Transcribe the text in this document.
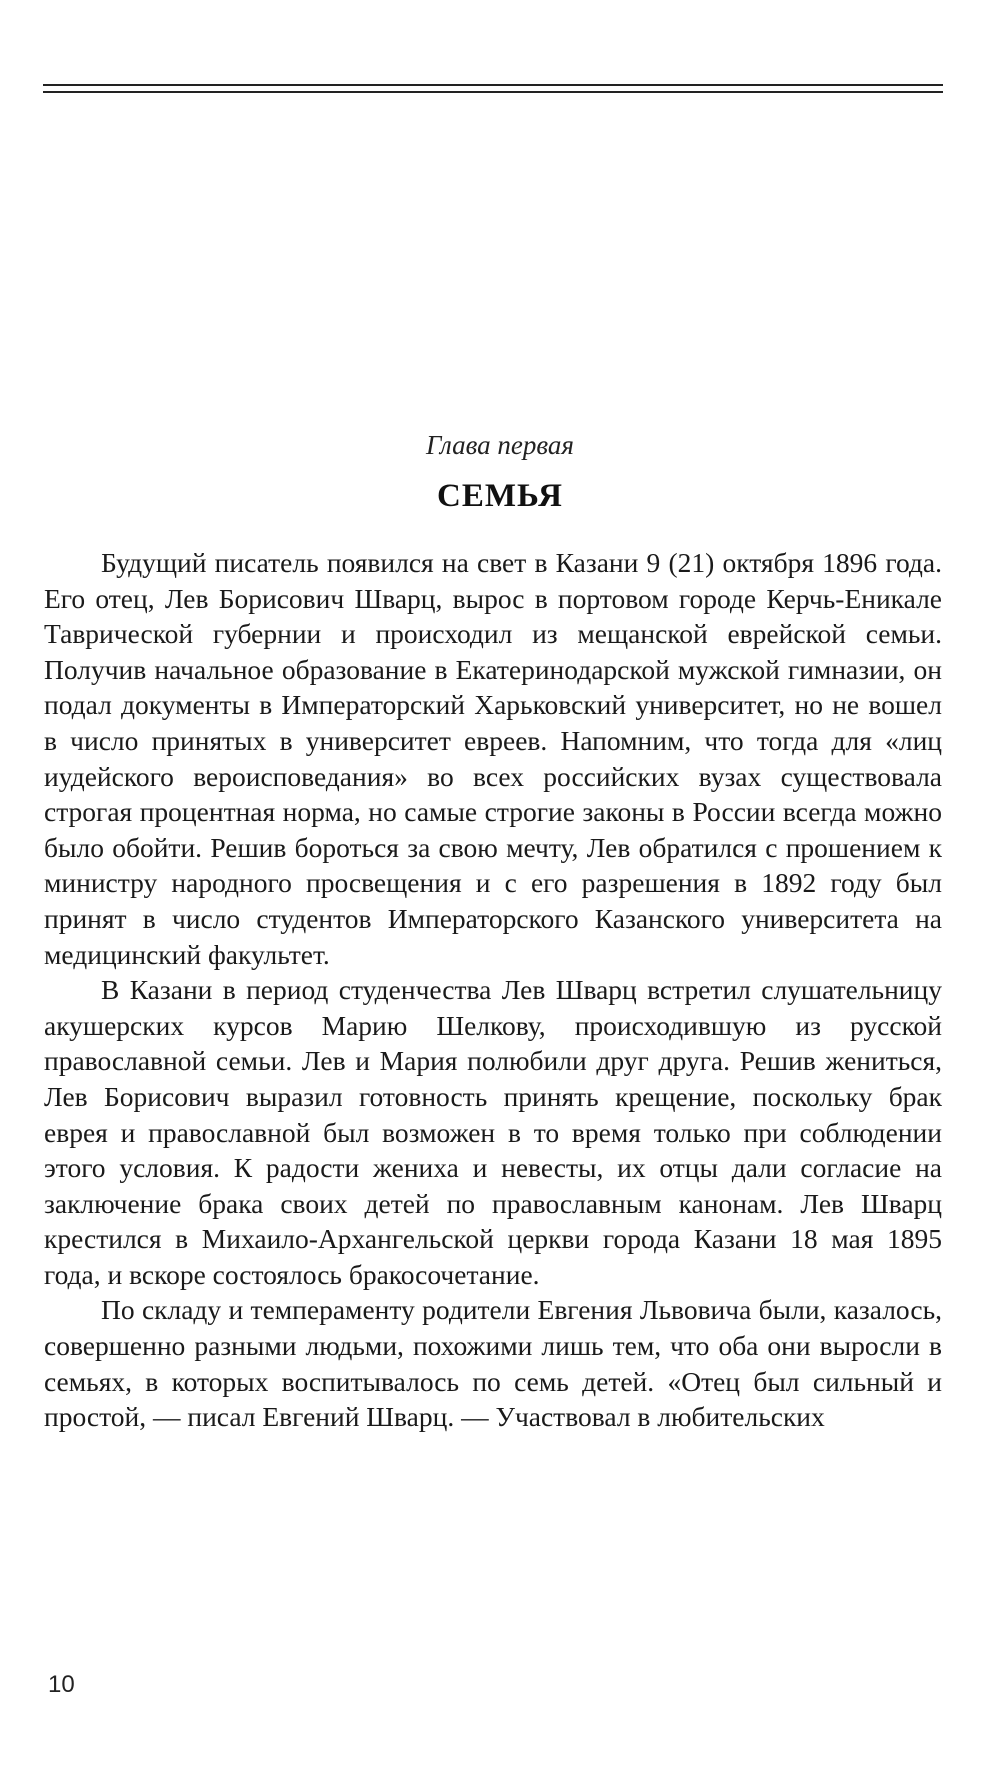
Глава первая
СЕМЬЯ

Будущий писатель появился на свет в Казани 9 (21) октября 1896 года. Его отец, Лев Борисович Шварц, вырос в портовом городе Керчь-Еникале Таврической губернии и происходил из мещанской еврейской семьи. Получив начальное образование в Екатеринодарской мужской гимназии, он подал документы в Императорский Харьковский университет, но не вошел в число принятых в университет евреев. Напомним, что тогда для «лиц иудейского вероисповедания» во всех российских вузах существовала строгая процентная норма, но самые строгие законы в России всегда можно было обойти. Решив бороться за свою мечту, Лев обратился с прошением к министру народного просвещения и с его разрешения в 1892 году был принят в число студентов Императорского Казанского университета на медицинский факультет.

В Казани в период студенчества Лев Шварц встретил слушательницу акушерских курсов Марию Шелкову, происходившую из русской православной семьи. Лев и Мария полюбили друг друга. Решив жениться, Лев Борисович выразил готовность принять крещение, поскольку брак еврея и православной был возможен в то время только при соблюдении этого условия. К радости жениха и невесты, их отцы дали согласие на заключение брака своих детей по православным канонам. Лев Шварц крестился в Михаило-Архангельской церкви города Казани 18 мая 1895 года, и вскоре состоялось бракосочетание.

По складу и темпераменту родители Евгения Львовича были, казалось, совершенно разными людьми, похожими лишь тем, что оба они выросли в семьях, в которых воспитывалось по семь детей. «Отец был сильный и простой, — писал Евгений Шварц. — Участвовал в любительских

10
